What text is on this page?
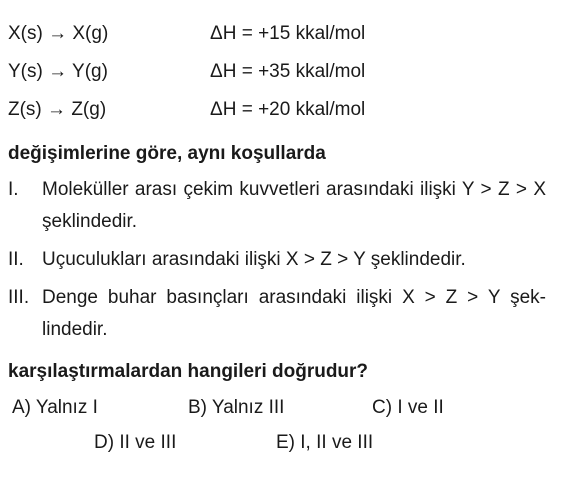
X(s) → X(g)	ΔH = +15 kkal/mol
Y(s) → Y(g)	ΔH = +35 kkal/mol
Z(s) → Z(g)	ΔH = +20 kkal/mol
değişimlerine göre, aynı koşullarda
I. Moleküller arası çekim kuvvetleri arasındaki ilişki Y > Z > X şeklindedir.
II. Uçuculukları arasındaki ilişki X > Z > Y şeklindedir.
III. Denge buhar basınçları arasındaki ilişki X > Z > Y şek-lindedir.
karşılaştırmalardan hangileri doğrudur?
A) Yalnız I	B) Yalnız III	C) I ve II
D) II ve III	E) I, II ve III
